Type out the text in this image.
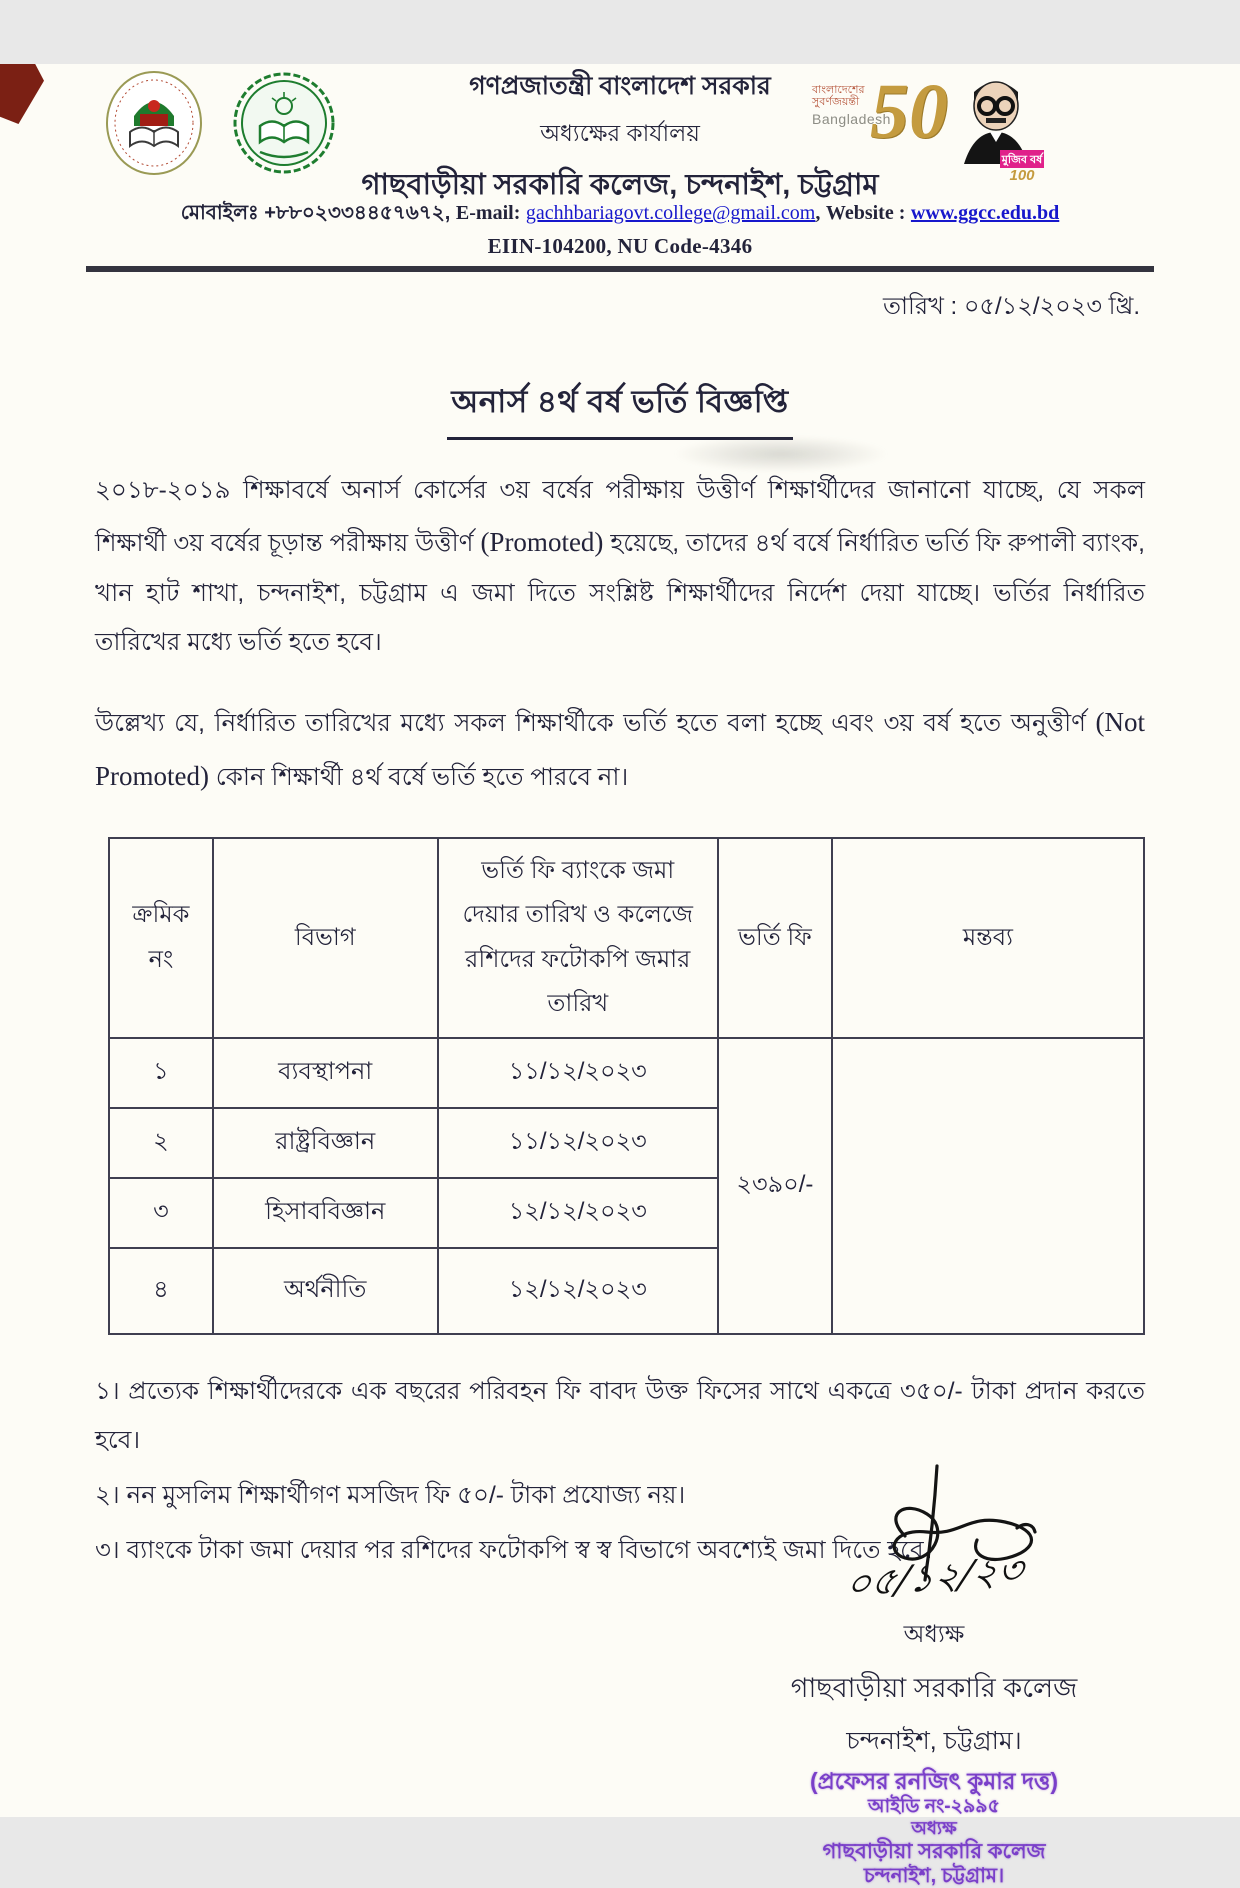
গণপ্রজাতন্ত্রী বাংলাদেশ সরকার
অধ্যক্ষের কার্যালয়
গাছবাড়ীয়া সরকারি কলেজ, চন্দনাইশ, চট্টগ্রাম
বাংলাদেশের
সুবর্ণজয়ন্তী
Bangladesh
50
মুজিব বর্ষ
100
মোবাইলঃ +৮৮০২৩৩৪৪৫৭৬৭২, E-mail: gachhbariagovt.college@gmail.com, Website : www.ggcc.edu.bd
EIIN-104200, NU Code-4346
তারিখ : ০৫/১২/২০২৩ খ্রি.
অনার্স ৪র্থ বর্ষ ভর্তি বিজ্ঞপ্তি

২০১৮-২০১৯ শিক্ষাবর্ষে অনার্স কোর্সের ৩য় বর্ষের পরীক্ষায় উত্তীর্ণ শিক্ষার্থীদের জানানো যাচ্ছে, যে সকল শিক্ষার্থী ৩য় বর্ষের চূড়ান্ত পরীক্ষায় উত্তীর্ণ (Promoted) হয়েছে, তাদের ৪র্থ বর্ষে নির্ধারিত ভর্তি ফি রুপালী ব্যাংক, খান হাট শাখা, চন্দনাইশ, চট্টগ্রাম এ জমা দিতে সংশ্লিষ্ট শিক্ষার্থীদের নির্দেশ দেয়া যাচ্ছে। ভর্তির নির্ধারিত তারিখের মধ্যে ভর্তি হতে হবে।

উল্লেখ্য যে, নির্ধারিত তারিখের মধ্যে সকল শিক্ষার্থীকে ভর্তি হতে বলা হচ্ছে এবং ৩য় বর্ষ হতে অনুত্তীর্ণ (Not Promoted) কোন শিক্ষার্থী ৪র্থ বর্ষে ভর্তি হতে পারবে না।

ক্রমিক নং	বিভাগ	ভর্তি ফি ব্যাংকে জমা দেয়ার তারিখ ও কলেজে রশিদের ফটোকপি জমার তারিখ	ভর্তি ফি	মন্তব্য
১	ব্যবস্থাপনা	১১/১২/২০২৩	২৩৯০/-	
২	রাষ্ট্রবিজ্ঞান	১১/১২/২০২৩		
৩	হিসাববিজ্ঞান	১২/১২/২০২৩		
৪	অর্থনীতি	১২/১২/২০২৩		

১। প্রত্যেক শিক্ষার্থীদেরকে এক বছরের পরিবহন ফি বাবদ উক্ত ফিসের সাথে একত্রে ৩৫০/- টাকা প্রদান করতে হবে।

২। নন মুসলিম শিক্ষার্থীগণ মসজিদ ফি ৫০/- টাকা প্রযোজ্য নয়।

৩। ব্যাংকে টাকা জমা দেয়ার পর রশিদের ফটোকপি স্ব স্ব বিভাগে অবশ্যেই জমা দিতে হবে।

০৫/১২/২৩
অধ্যক্ষ
গাছবাড়ীয়া সরকারি কলেজ
চন্দনাইশ, চট্টগ্রাম।
(প্রফেসর রনজিৎ কুমার দত্ত)
আইডি নং-২৯৯৫
অধ্যক্ষ
গাছবাড়ীয়া সরকারি কলেজ
চন্দনাইশ, চট্টগ্রাম।
